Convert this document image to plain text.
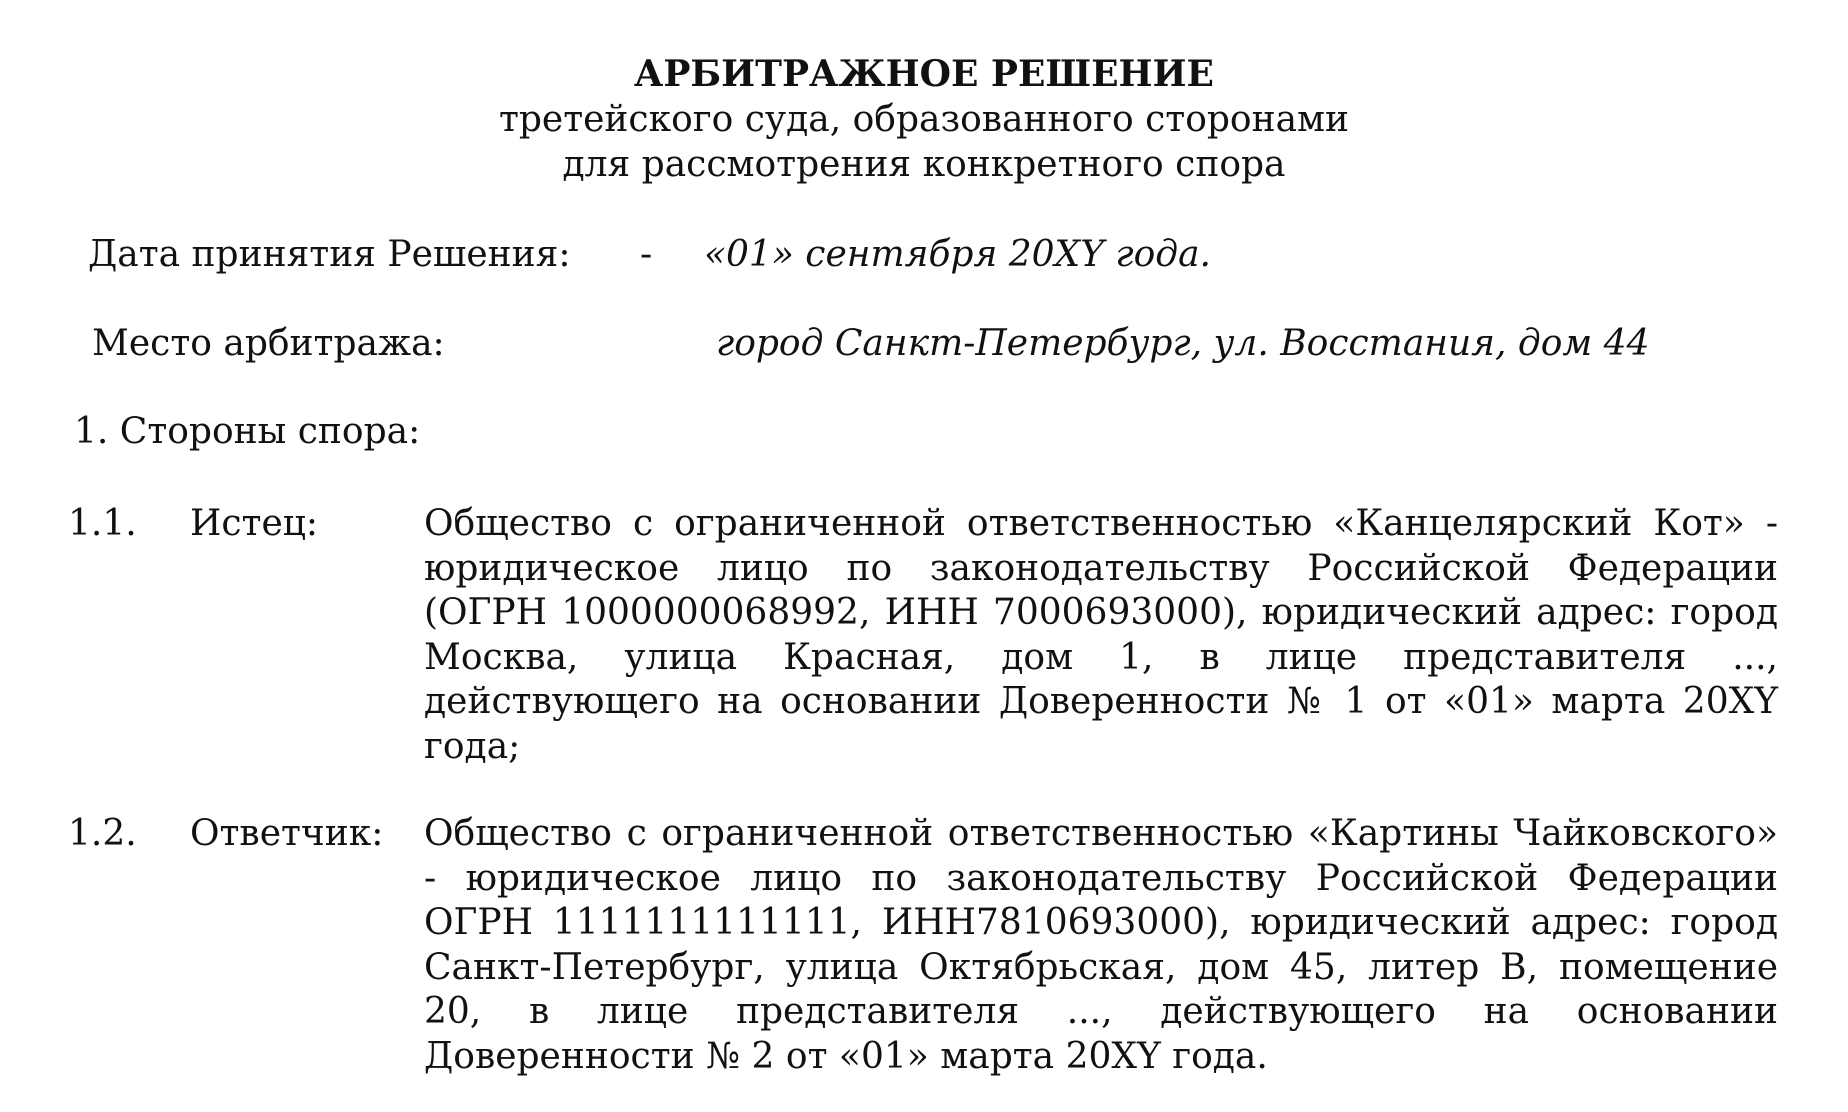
АРБИТРАЖНОЕ РЕШЕНИЕ
третейского суда, образованного сторонами
для рассмотрения конкретного спора
Дата принятия Решения: - «01» сентября 20XY года.
Место арбитража:	город Санкт-Петербург, ул. Восстания, дом 44
1. Стороны спора:
1.1. Истец:	Общество с ограниченной ответственностью «Канцелярский Кот» - юридическое лицо по законодательству Российской Федерации (ОГРН 1000000068992, ИНН 7000693000), юридический адрес: город Москва, улица Красная, дом 1, в лице представителя ..., действующего на основании Доверенности № 1 от «01» марта 20XY года;
1.2. Ответчик: Общество с ограниченной ответственностью «Картины Чайковского» - юридическое лицо по законодательству Российской Федерации ОГРН 1111111111111, ИНН7810693000), юридический адрес: город Санкт-Петербург, улица Октябрьская, дом 45, литер В, помещение 20, в лице представителя ..., действующего на основании Доверенности № 2 от «01» марта 20XY года.
